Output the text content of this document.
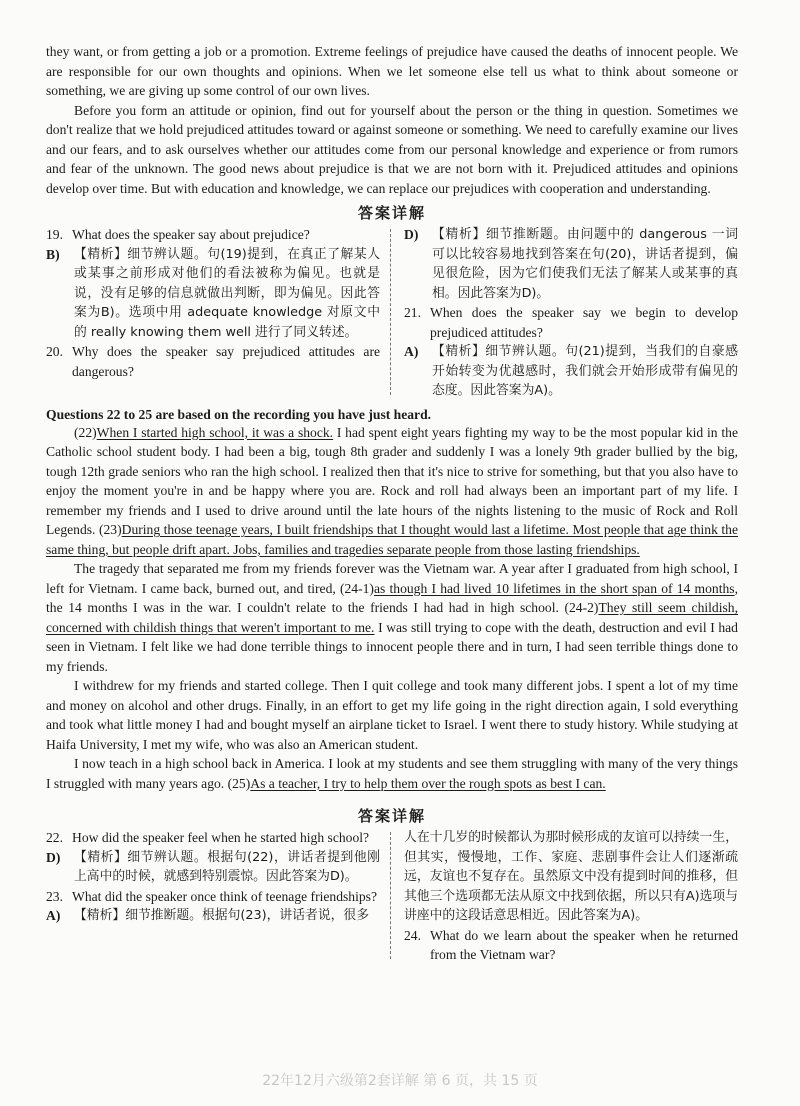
they want, or from getting a job or a promotion. Extreme feelings of prejudice have caused the deaths of innocent people. We are responsible for our own thoughts and opinions. When we let someone else tell us what to think about someone or something, we are giving up some control of our own lives.

Before you form an attitude or opinion, find out for yourself about the person or the thing in question. Sometimes we don't realize that we hold prejudiced attitudes toward or against someone or something. We need to carefully examine our lives and our fears, and to ask ourselves whether our attitudes come from our personal knowledge and experience or from rumors and fear of the unknown. The good news about prejudice is that we are not born with it. Prejudiced attitudes and opinions develop over time. But with education and knowledge, we can replace our prejudices with cooperation and understanding.

答案详解
19. What does the speaker say about prejudice?
B)	【精析】细节辨认题。句(19)提到，在真正了解某人或某事之前形成对他们的看法被称为偏见。也就是说，没有足够的信息就做出判断，即为偏见。因此答案为B)。选项中用 adequate knowledge 对原文中的 really knowing them well 进行了同义转述。
20. Why does the speaker say prejudiced attitudes are dangerous?
D)	【精析】细节推断题。由问题中的 dangerous 一词可以比较容易地找到答案在句(20)，讲话者提到，偏见很危险，因为它们使我们无法了解某人或某事的真相。因此答案为D)。
21. When does the speaker say we begin to develop prejudiced attitudes?
A)	【精析】细节辨认题。句(21)提到，当我们的自豪感开始转变为优越感时，我们就会开始形成带有偏见的态度。因此答案为A)。
Questions 22 to 25 are based on the recording you have just heard.

(22)When I started high school, it was a shock. I had spent eight years fighting my way to be the most popular kid in the Catholic school student body. I had been a big, tough 8th grader and suddenly I was a lonely 9th grader bullied by the big, tough 12th grade seniors who ran the high school. I realized then that it's nice to strive for something, but that you also have to enjoy the moment you're in and be happy where you are. Rock and roll had always been an important part of my life. I remember my friends and I used to drive around until the late hours of the nights listening to the music of Rock and Roll Legends. (23)During those teenage years, I built friendships that I thought would last a lifetime. Most people that age think the same thing, but people drift apart. Jobs, families and tragedies separate people from those lasting friendships.

The tragedy that separated me from my friends forever was the Vietnam war. A year after I graduated from high school, I left for Vietnam. I came back, burned out, and tired, (24-1)as though I had lived 10 lifetimes in the short span of 14 months, the 14 months I was in the war. I couldn't relate to the friends I had had in high school. (24-2)They still seem childish, concerned with childish things that weren't important to me. I was still trying to cope with the death, destruction and evil I had seen in Vietnam. I felt like we had done terrible things to innocent people there and in turn, I had seen terrible things done to my friends.

I withdrew for my friends and started college. Then I quit college and took many different jobs. I spent a lot of my time and money on alcohol and other drugs. Finally, in an effort to get my life going in the right direction again, I sold everything and took what little money I had and bought myself an airplane ticket to Israel. I went there to study history. While studying at Haifa University, I met my wife, who was also an American student.

I now teach in a high school back in America. I look at my students and see them struggling with many of the very things I struggled with many years ago. (25)As a teacher, I try to help them over the rough spots as best I can.

答案详解
22. How did the speaker feel when he started high school?
D)	【精析】细节辨认题。根据句(22)，讲话者提到他刚上高中的时候，就感到特别震惊。因此答案为D)。
23. What did the speaker once think of teenage friendships?
A)	【精析】细节推断题。根据句(23)，讲话者说，很多
人在十几岁的时候都认为那时候形成的友谊可以持续一生，但其实，慢慢地，工作、家庭、悲剧事件会让人们逐渐疏远，友谊也不复存在。虽然原文中没有提到时间的推移，但其他三个选项都无法从原文中找到依据，所以只有A)选项与讲座中的这段话意思相近。因此答案为A)。
24. What do we learn about the speaker when he returned from the Vietnam war?
22年12月六级第2套详解 第 6 页，共 15 页
